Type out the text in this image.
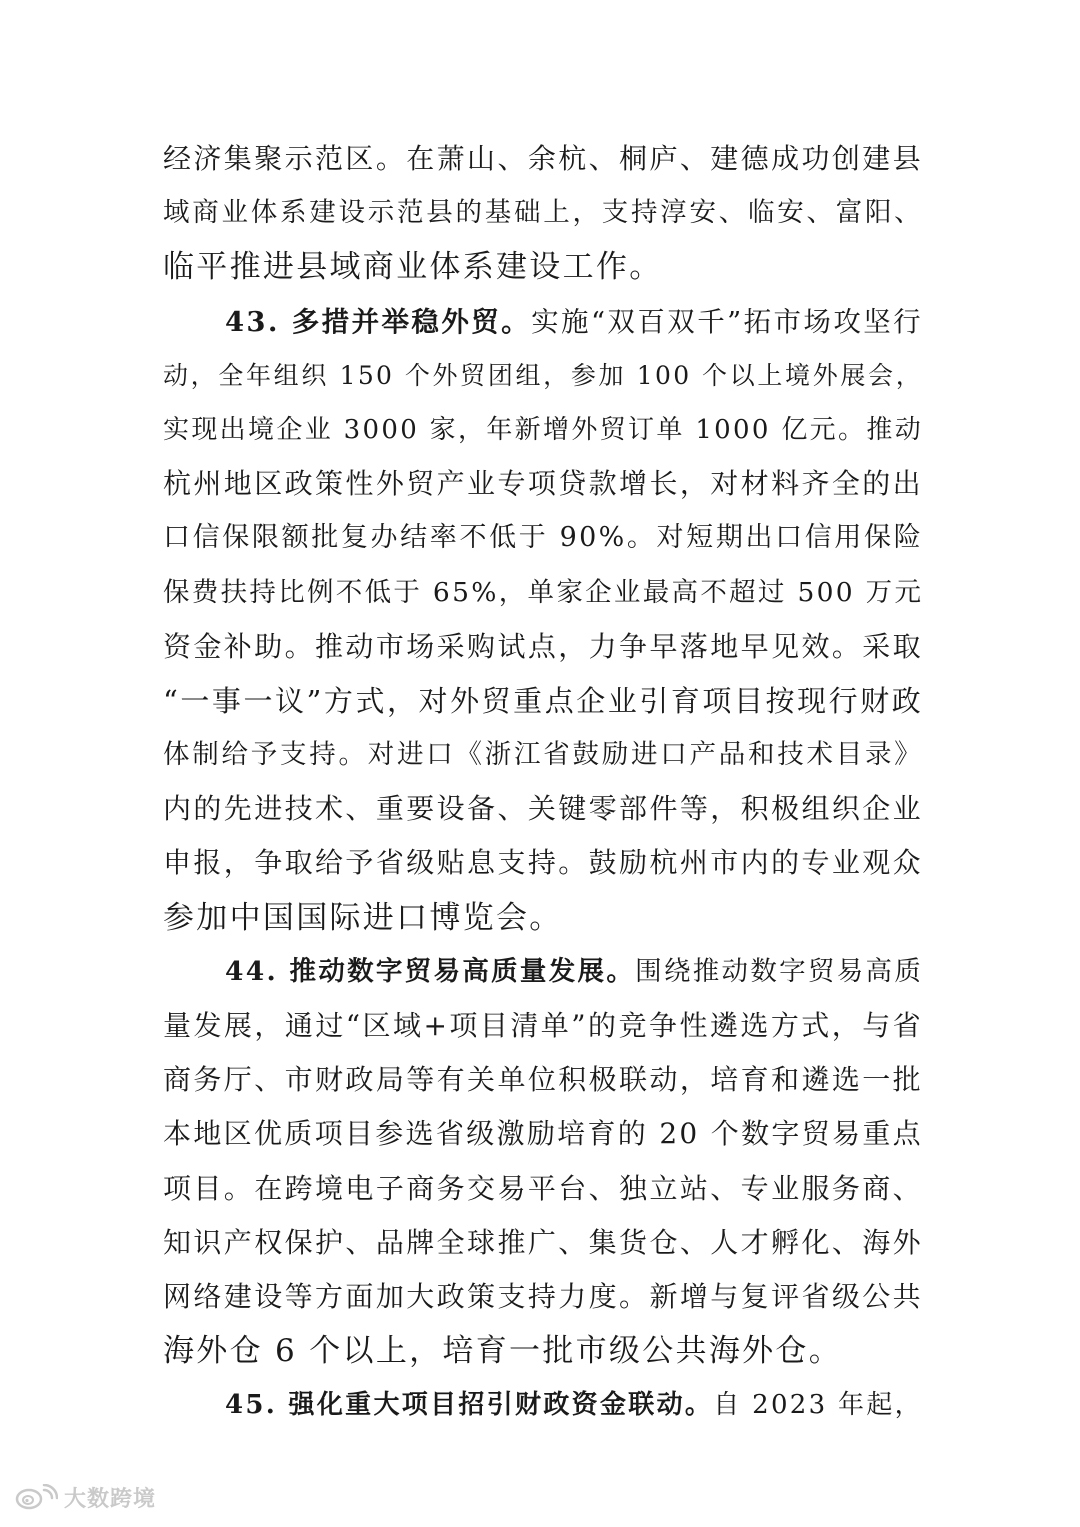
经济集聚示范区。在萧山、余杭、桐庐、建德成功创建县
域商业体系建设示范县的基础上，支持淳安、临安、富阳、
临平推进县域商业体系建设工作。
43. 多措并举稳外贸。实施“双百双千”拓市场攻坚行
动，全年组织 150 个外贸团组，参加 100 个以上境外展会，
实现出境企业 3000 家，年新增外贸订单 1000 亿元。推动
杭州地区政策性外贸产业专项贷款增长，对材料齐全的出
口信保限额批复办结率不低于 90%。对短期出口信用保险
保费扶持比例不低于 65%，单家企业最高不超过 500 万元
资金补助。推动市场采购试点，力争早落地早见效。采取
“一事一议”方式，对外贸重点企业引育项目按现行财政
体制给予支持。对进口《浙江省鼓励进口产品和技术目录》
内的先进技术、重要设备、关键零部件等，积极组织企业
申报，争取给予省级贴息支持。鼓励杭州市内的专业观众
参加中国国际进口博览会。
44. 推动数字贸易高质量发展。围绕推动数字贸易高质
量发展，通过“区域+项目清单”的竞争性遴选方式，与省
商务厅、市财政局等有关单位积极联动，培育和遴选一批
本地区优质项目参选省级激励培育的 20 个数字贸易重点
项目。在跨境电子商务交易平台、独立站、专业服务商、
知识产权保护、品牌全球推广、集货仓、人才孵化、海外
网络建设等方面加大政策支持力度。新增与复评省级公共
海外仓 6 个以上，培育一批市级公共海外仓。
45. 强化重大项目招引财政资金联动。自 2023 年起，
大数跨境
